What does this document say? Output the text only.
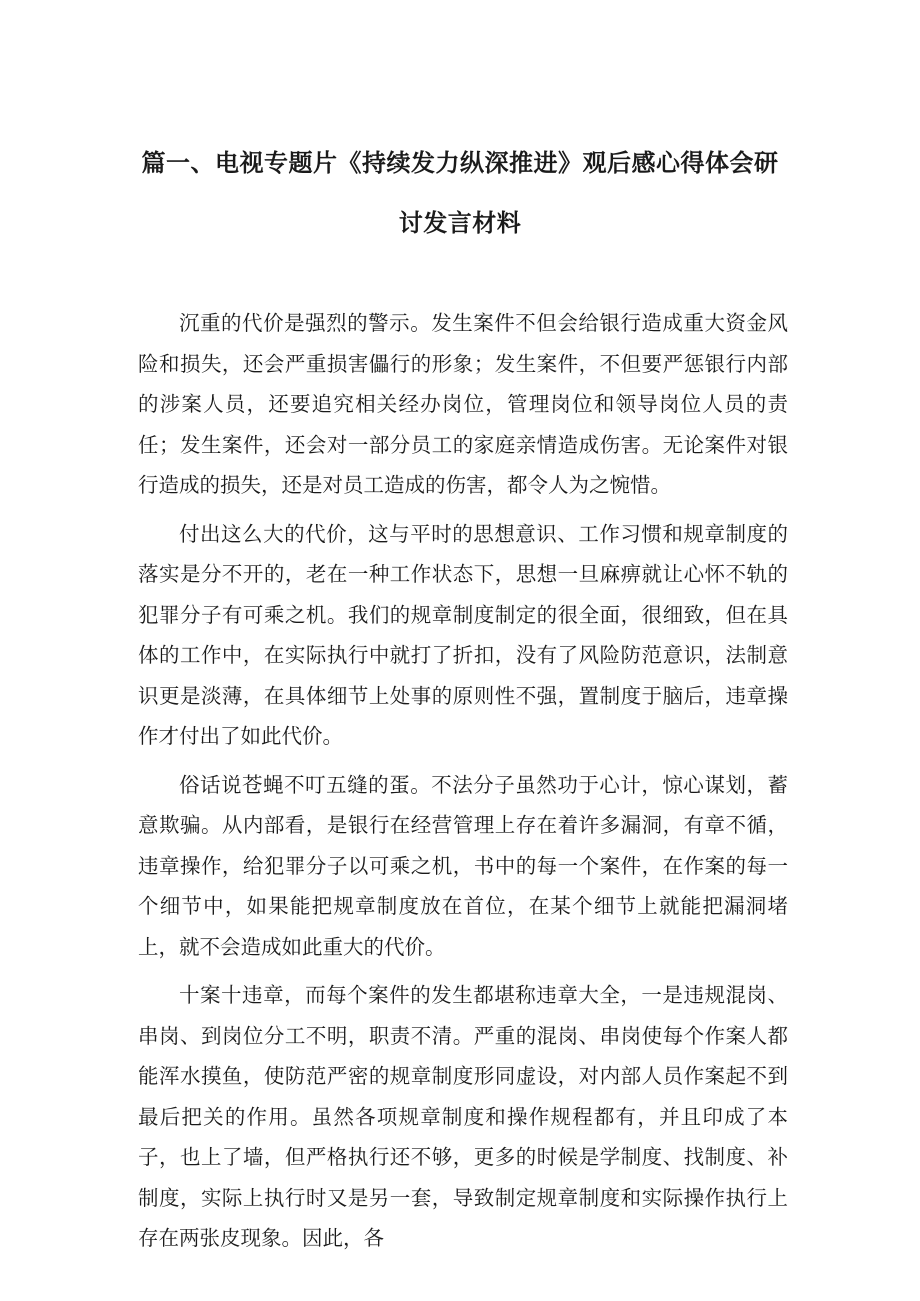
篇一、电视专题片《持续发力纵深推进》观后感心得体会研
讨发言材料

沉重的代价是强烈的警示。发生案件不但会给银行造成重大资金风险和损失，还会严重损害儡行的形象；发生案件，不但要严惩银行内部的涉案人员，还要追究相关经办岗位，管理岗位和领导岗位人员的责任；发生案件，还会对一部分员工的家庭亲情造成伤害。无论案件对银行造成的损失，还是对员工造成的伤害，都令人为之惋惜。

付出这么大的代价，这与平时的思想意识、工作习惯和规章制度的落实是分不开的，老在一种工作状态下，思想一旦麻痹就让心怀不轨的犯罪分子有可乘之机。我们的规章制度制定的很全面，很细致，但在具体的工作中，在实际执行中就打了折扣，没有了风险防范意识，法制意识更是淡薄，在具体细节上处事的原则性不强，置制度于脑后，违章操作才付出了如此代价。

俗话说苍蝇不叮五缝的蛋。不法分子虽然功于心计，惊心谋划，蓄意欺骗。从内部看，是银行在经营管理上存在着许多漏洞，有章不循，违章操作，给犯罪分子以可乘之机，书中的每一个案件，在作案的每一个细节中，如果能把规章制度放在首位，在某个细节上就能把漏洞堵上，就不会造成如此重大的代价。

十案十违章，而每个案件的发生都堪称违章大全，一是违规混岗、串岗、到岗位分工不明，职责不清。严重的混岗、串岗使每个作案人都能浑水摸鱼，使防范严密的规章制度形同虚设，对内部人员作案起不到最后把关的作用。虽然各项规章制度和操作规程都有，并且印成了本子，也上了墙，但严格执行还不够，更多的时候是学制度、找制度、补制度，实际上执行时又是另一套，导致制定规章制度和实际操作执行上存在两张皮现象。因此，各
